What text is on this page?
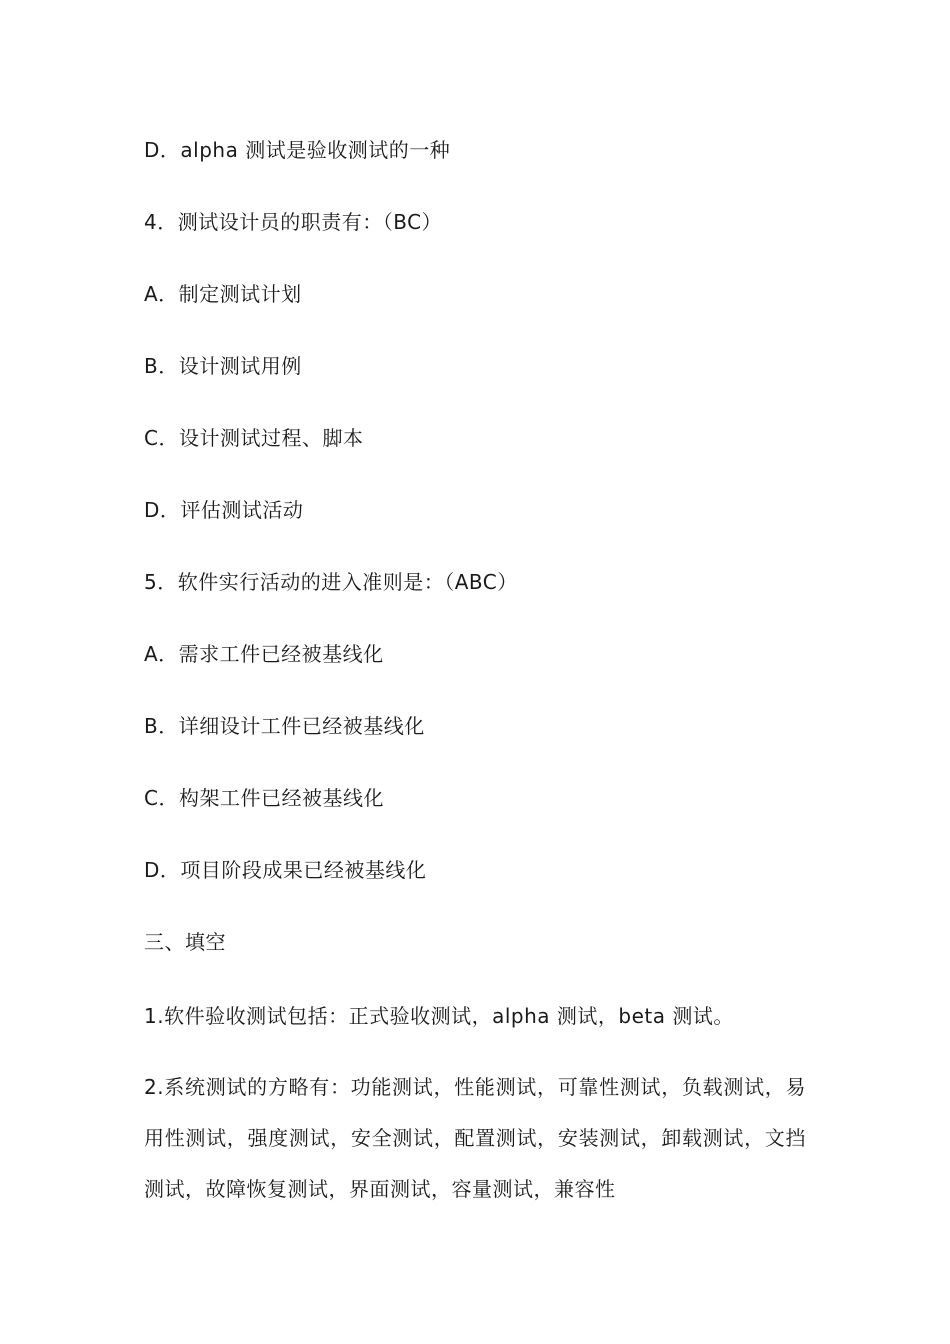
D．alpha 测试是验收测试的一种
4．测试设计员的职责有：（BC）
A．制定测试计划
B．设计测试用例
C．设计测试过程、脚本
D．评估测试活动
5．软件实行活动的进入准则是：（ABC）
A．需求工件已经被基线化
B．详细设计工件已经被基线化
C．构架工件已经被基线化
D．项目阶段成果已经被基线化
三、填空
1.软件验收测试包括：正式验收测试，alpha 测试，beta 测试。
2.系统测试的方略有：功能测试，性能测试，可靠性测试，负载测试，易用性测试，强度测试，安全测试，配置测试，安装测试，卸载测试，文挡测试，故障恢复测试，界面测试，容量测试，兼容性
